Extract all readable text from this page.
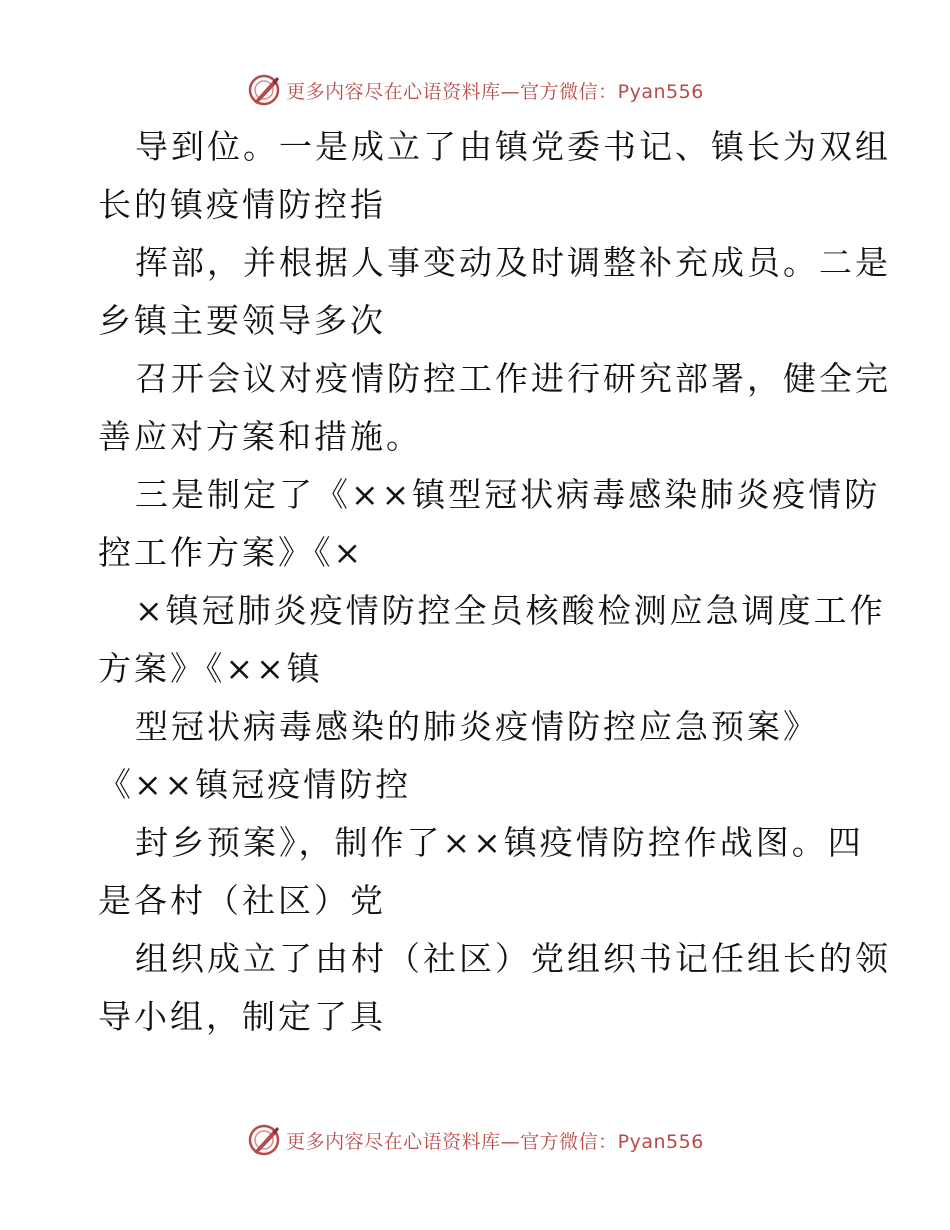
更多内容尽在心语资料库—官方微信：Pyan556

导到位。一是成立了由镇党委书记、镇长为双组
长的镇疫情防控指

挥部，并根据人事变动及时调整补充成员。二是
乡镇主要领导多次

召开会议对疫情防控工作进行研究部署，健全完
善应对方案和措施。

三是制定了《××镇型冠状病毒感染肺炎疫情防
控工作方案》《×

×镇冠肺炎疫情防控全员核酸检测应急调度工作
方案》《××镇

型冠状病毒感染的肺炎疫情防控应急预案》
《××镇冠疫情防控

封乡预案》，制作了××镇疫情防控作战图。四
是各村（社区）党

组织成立了由村（社区）党组织书记任组长的领
导小组，制定了具

更多内容尽在心语资料库—官方微信：Pyan556
